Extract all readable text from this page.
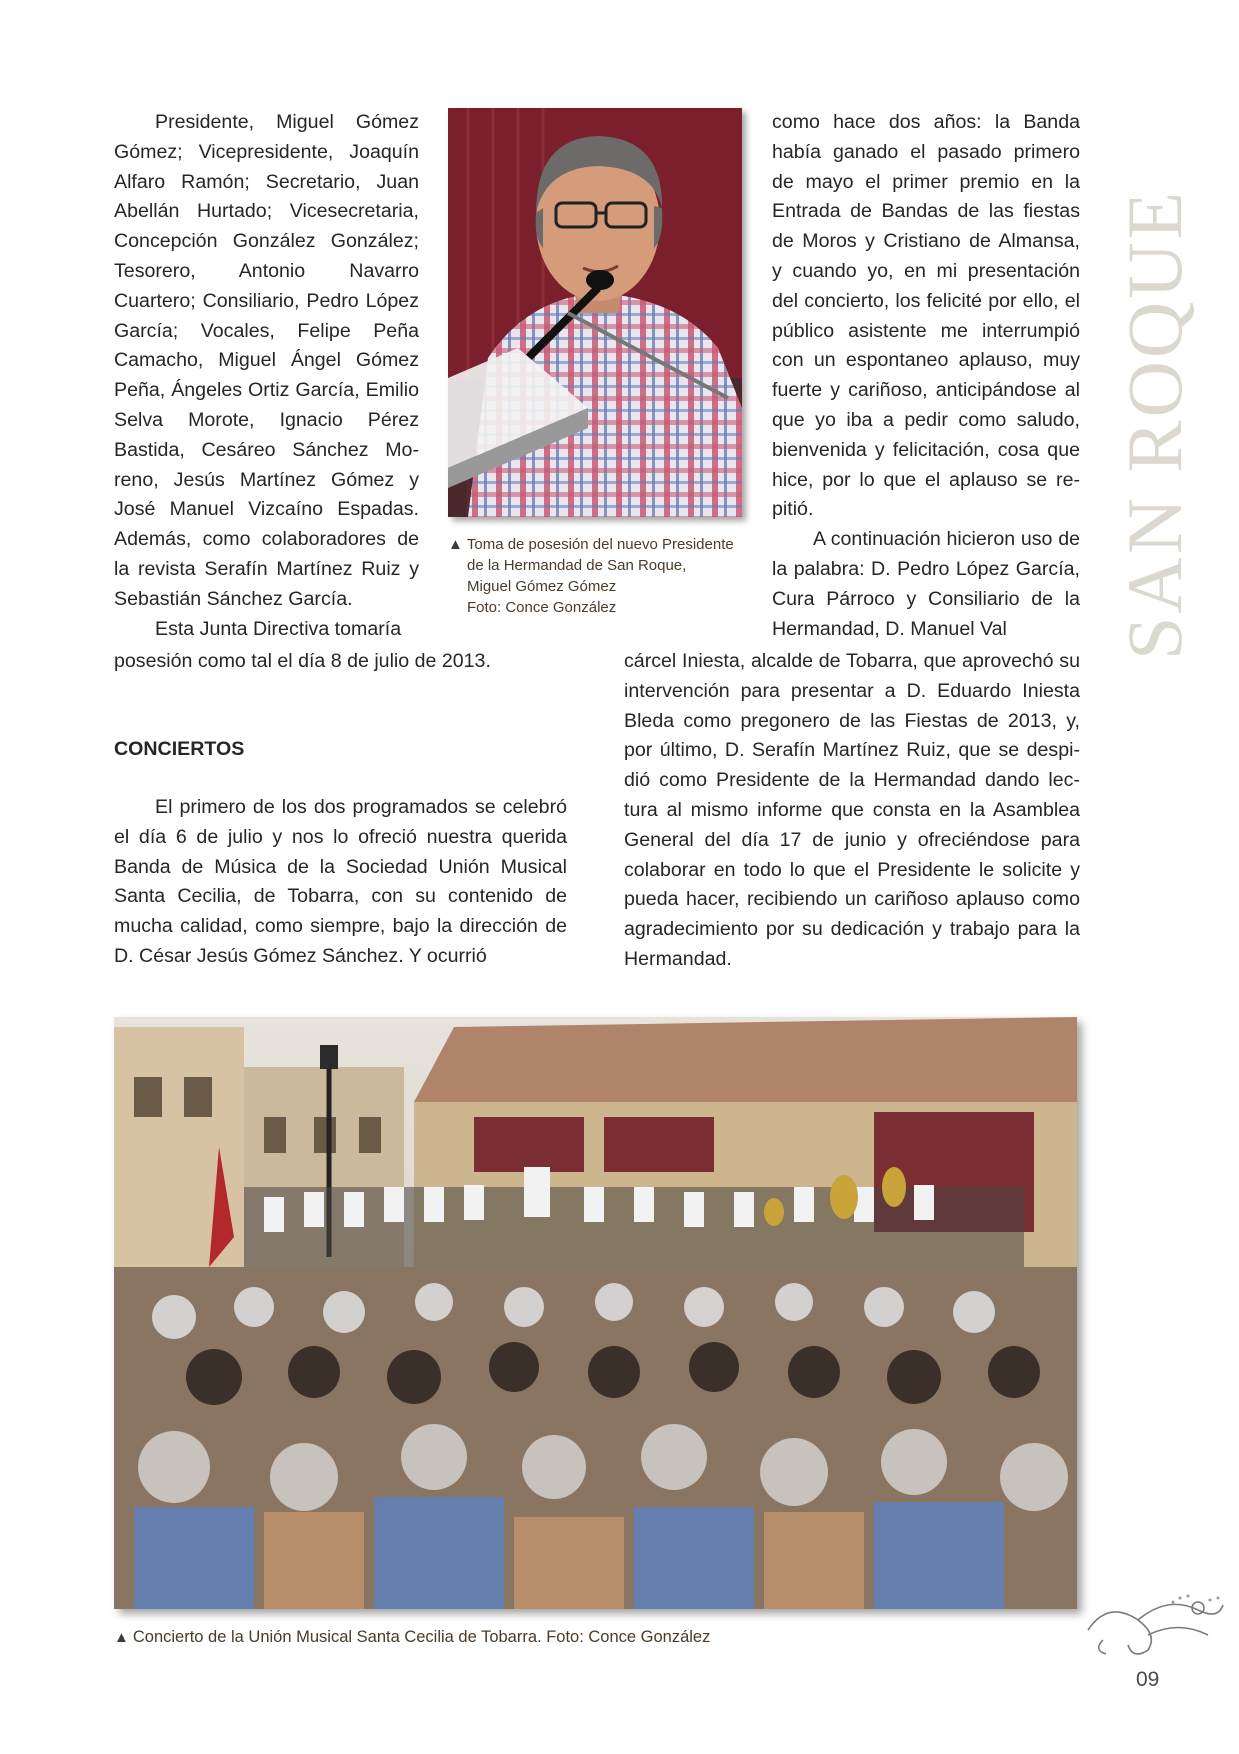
Presidente, Miguel Gómez Gómez; Vicepresidente, Joaquín Alfaro Ramón; Secretario, Juan Abellán Hurtado; Vicesecretaria, Concepción González González; Tesorero, Antonio Navarro Cuartero; Consiliario, Pedro López García; Vocales, Felipe Peña Camacho, Miguel Ángel Gómez Peña, Ángeles Ortiz García, Emilio Selva Morote, Ignacio Pérez Bastida, Cesáreo Sánchez Moreno, Jesús Martínez Gómez y José Manuel Vizcaíno Espadas. Además, como colaboradores de la revista Serafín Martínez Ruiz y Sebastián Sánchez García.

Esta Junta Directiva tomaría

posesión como tal el día 8 de julio de 2013.

CONCIERTOS

El primero de los dos programados se celebró el día 6 de julio y nos lo ofreció nuestra querida Banda de Música de la Sociedad Unión Musical Santa Cecilia, de Tobarra, con su contenido de mucha calidad, como siempre, bajo la dirección de D. César Jesús Gómez Sánchez. Y ocurrió

▲ Toma de posesión del nuevo Presidente
de la Hermandad de San Roque,
Miguel Gómez Gómez
Foto: Conce González

como hace dos años: la Banda había ganado el pasado primero de mayo el primer premio en la Entrada de Bandas de las fiestas de Moros y Cristiano de Almansa, y cuando yo, en mi presentación del concierto, los felicité por ello, el público asistente me interrumpió con un espontaneo aplauso, muy fuerte y cariñoso, anticipándose al que yo iba a pedir como saludo, bienvenida y felicitación, cosa que hice, por lo que el aplauso se repitió.

A continuación hicieron uso de la palabra: D. Pedro López García, Cura Párroco y Consiliario de la Hermandad, D. Manuel Val

cárcel Iniesta, alcalde de Tobarra, que aprovechó su intervención para presentar a D. Eduardo Iniesta Bleda como pregonero de las Fiestas de 2013, y, por último, D. Serafín Martínez Ruiz, que se despidió como Presidente de la Hermandad dando lectura al mismo informe que consta en la Asamblea General del día 17 de junio y ofreciéndose para colaborar en todo lo que el Presidente le solicite y pueda hacer, recibiendo un cariñoso aplauso como agradecimiento por su dedicación y trabajo para la Hermandad.

▲ Concierto de la Unión Musical Santa Cecilia de Tobarra. Foto: Conce González

SAN ROQUE

09
